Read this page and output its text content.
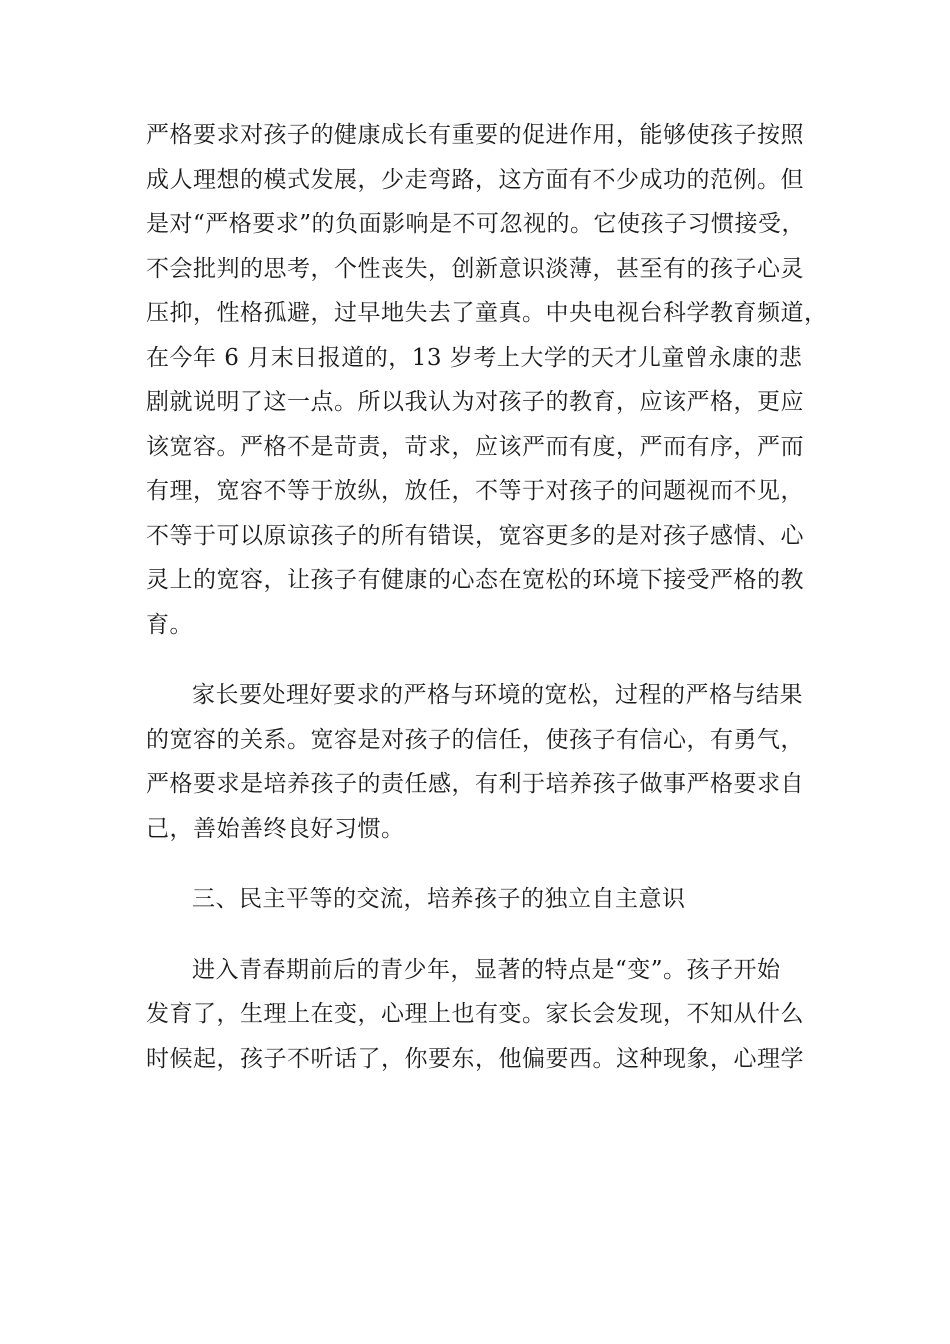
严格要求对孩子的健康成长有重要的促进作用，能够使孩子按照
成人理想的模式发展，少走弯路，这方面有不少成功的范例。但
是对“严格要求”的负面影响是不可忽视的。它使孩子习惯接受，
不会批判的思考，个性丧失，创新意识淡薄，甚至有的孩子心灵
压抑，性格孤避，过早地失去了童真。中央电视台科学教育频道，
在今年 6 月末日报道的，13 岁考上大学的天才儿童曾永康的悲
剧就说明了这一点。所以我认为对孩子的教育，应该严格，更应
该宽容。严格不是苛责，苛求，应该严而有度，严而有序，严而
有理，宽容不等于放纵，放任，不等于对孩子的问题视而不见，
不等于可以原谅孩子的所有错误，宽容更多的是对孩子感情、心
灵上的宽容，让孩子有健康的心态在宽松的环境下接受严格的教
育。
家长要处理好要求的严格与环境的宽松，过程的严格与结果
的宽容的关系。宽容是对孩子的信任，使孩子有信心，有勇气，
严格要求是培养孩子的责任感，有利于培养孩子做事严格要求自
己，善始善终良好习惯。
三、民主平等的交流，培养孩子的独立自主意识
进入青春期前后的青少年，显著的特点是“变”。孩子开始
发育了，生理上在变，心理上也有变。家长会发现，不知从什么
时候起，孩子不听话了，你要东，他偏要西。这种现象，心理学
